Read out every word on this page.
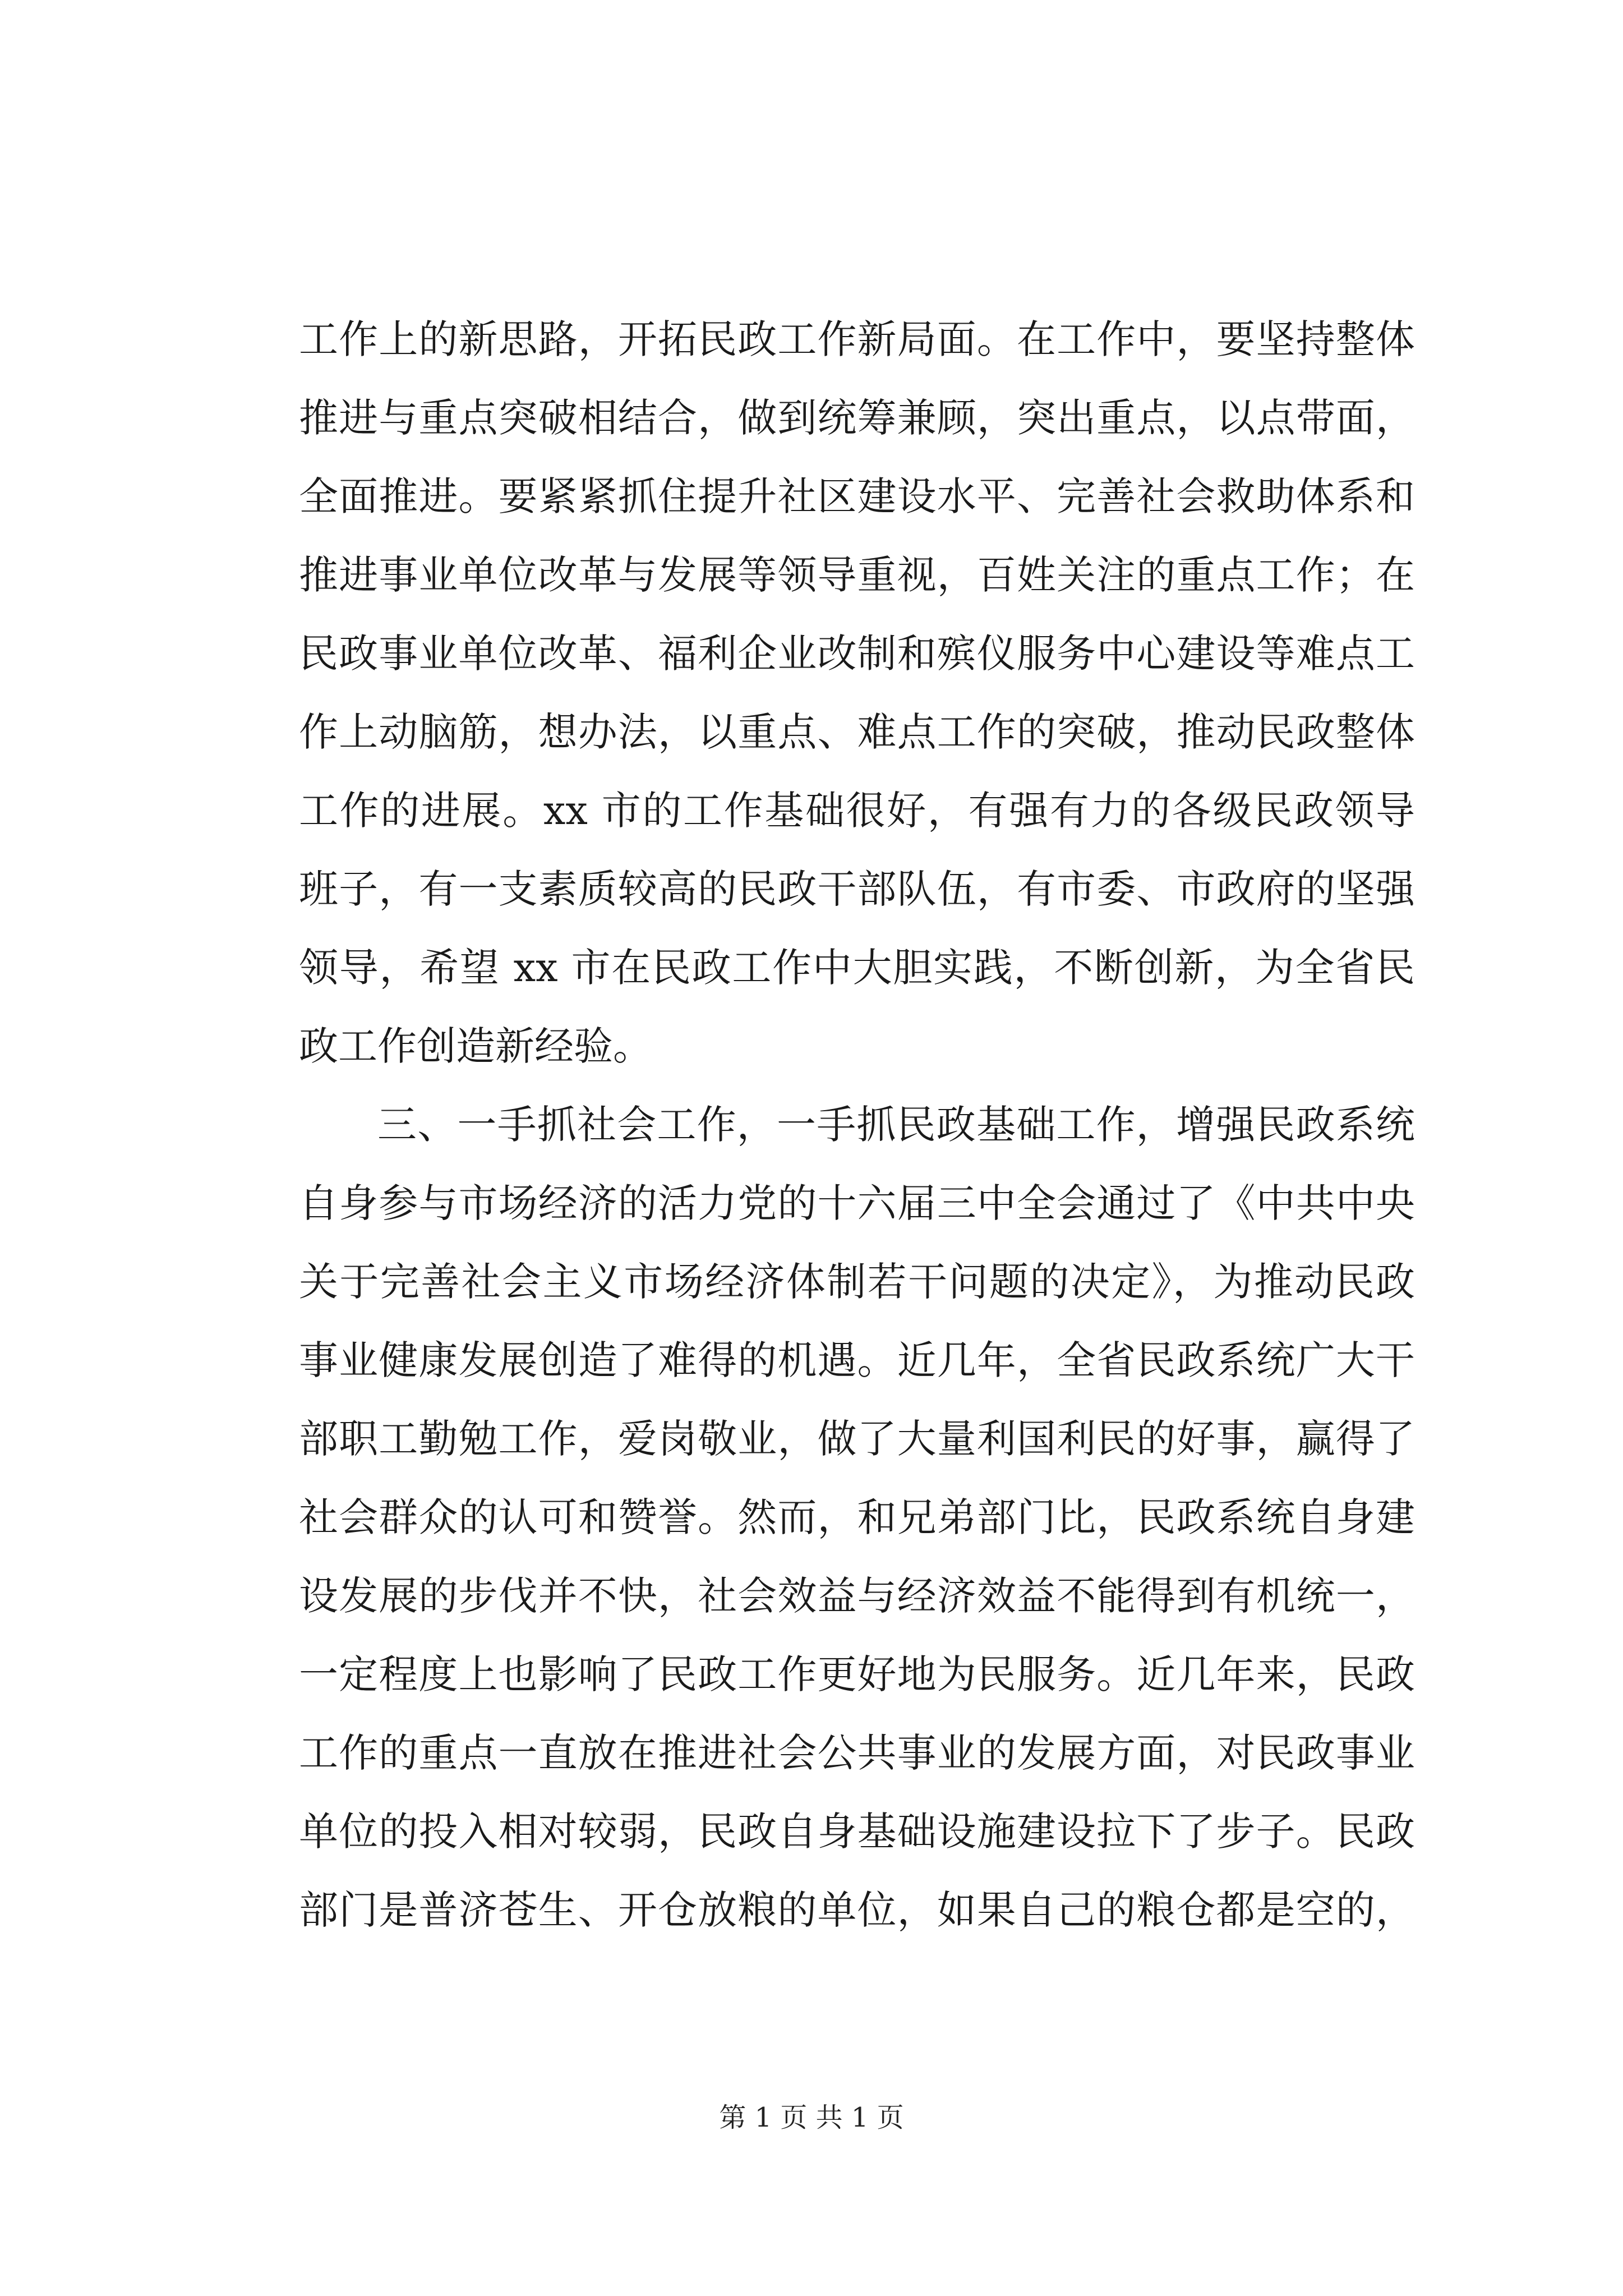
工作上的新思路，开拓民政工作新局面。在工作中，要坚持整体
推进与重点突破相结合，做到统筹兼顾，突出重点，以点带面，
全面推进。要紧紧抓住提升社区建设水平、完善社会救助体系和
推进事业单位改革与发展等领导重视，百姓关注的重点工作；在
民政事业单位改革、福利企业改制和殡仪服务中心建设等难点工
作上动脑筋，想办法，以重点、难点工作的突破，推动民政整体
工作的进展。xx 市的工作基础很好，有强有力的各级民政领导
班子，有一支素质较高的民政干部队伍，有市委、市政府的坚强
领导，希望 xx 市在民政工作中大胆实践，不断创新，为全省民
政工作创造新经验。
三、一手抓社会工作，一手抓民政基础工作，增强民政系统
自身参与市场经济的活力党的十六届三中全会通过了《中共中央
关于完善社会主义市场经济体制若干问题的决定》，为推动民政
事业健康发展创造了难得的机遇。近几年，全省民政系统广大干
部职工勤勉工作，爱岗敬业，做了大量利国利民的好事，赢得了
社会群众的认可和赞誉。然而，和兄弟部门比，民政系统自身建
设发展的步伐并不快，社会效益与经济效益不能得到有机统一，
一定程度上也影响了民政工作更好地为民服务。近几年来，民政
工作的重点一直放在推进社会公共事业的发展方面，对民政事业
单位的投入相对较弱，民政自身基础设施建设拉下了步子。民政
部门是普济苍生、开仓放粮的单位，如果自己的粮仓都是空的，
第 1 页 共 1 页
